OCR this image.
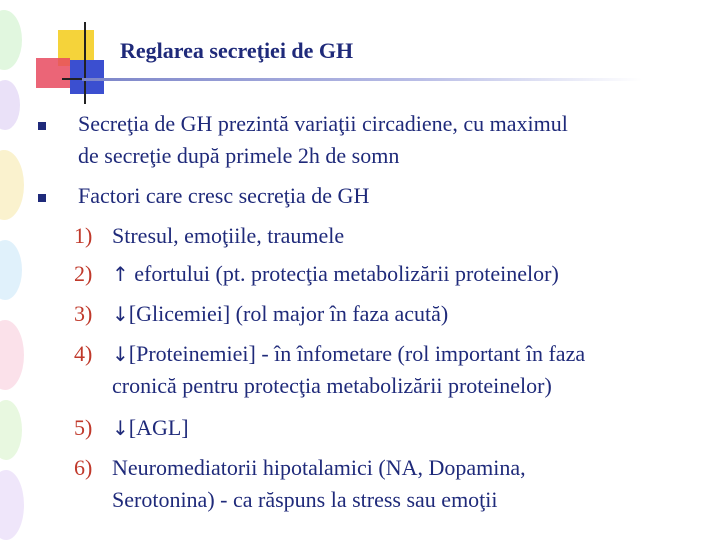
Reglarea secreţiei de GH
Secreţia de GH prezintă variaţii circadiene, cu maximul
de secreţie după primele 2h de somn
Factori care cresc secreţia de GH
1) Stresul, emoţiile, traumele
2) ↑ efortului (pt. protecţia metabolizării proteinelor)
3) ↓[Glicemiei] (rol major în faza acută)
4) ↓[Proteinemiei] - în înfometare (rol important în faza
cronică pentru protecţia metabolizării proteinelor)
5) ↓[AGL]
6) Neuromediatorii hipotalamici (NA, Dopamina,
Serotonina) - ca răspuns la stress sau emoţii
